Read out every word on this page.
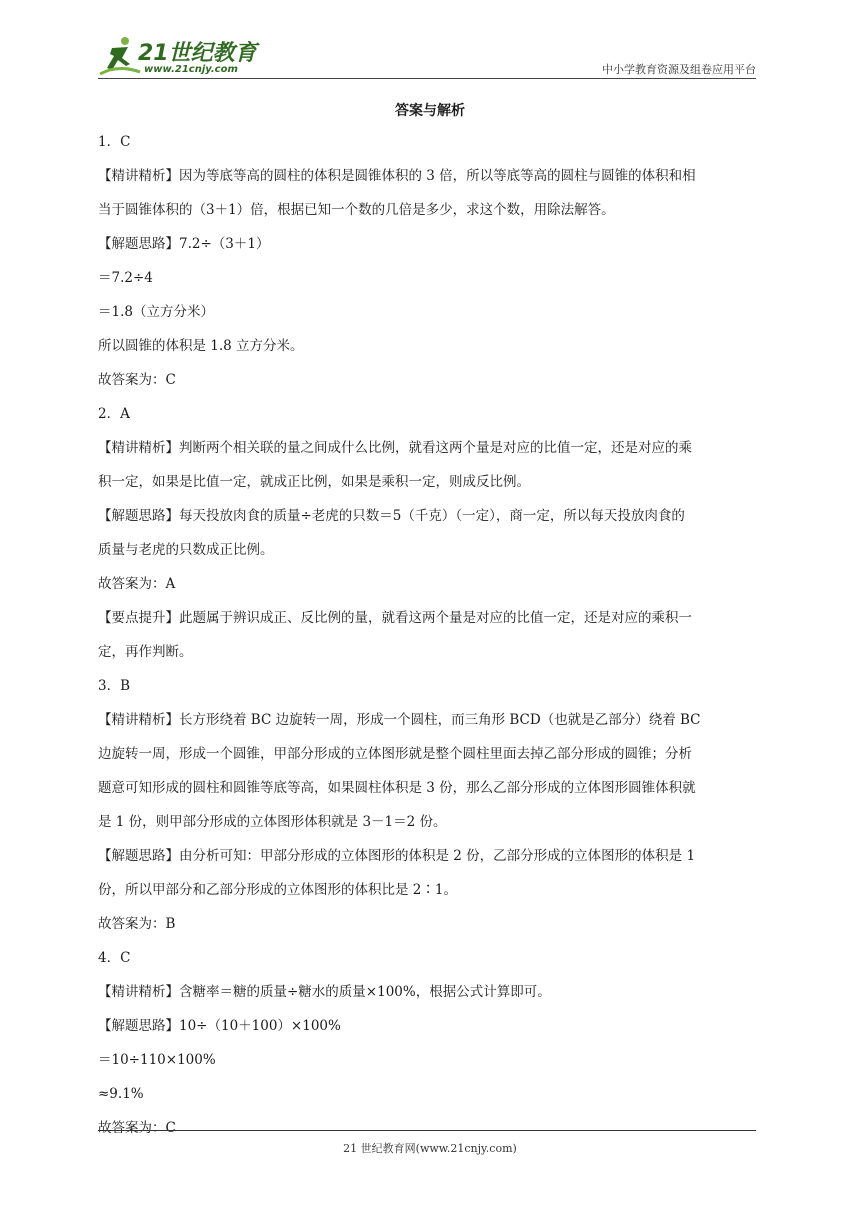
21世纪教育
www.21cnjy.com	中小学教育资源及组卷应用平台
答案与解析
1．C
【精讲精析】因为等底等高的圆柱的体积是圆锥体积的 3 倍，所以等底等高的圆柱与圆锥的体积和相
当于圆锥体积的（3＋1）倍，根据已知一个数的几倍是多少，求这个数，用除法解答。
【解题思路】7.2÷（3＋1）
＝7.2÷4
＝1.8（立方分米）
所以圆锥的体积是 1.8 立方分米。
故答案为：C
2．A
【精讲精析】判断两个相关联的量之间成什么比例，就看这两个量是对应的比值一定，还是对应的乘
积一定，如果是比值一定，就成正比例，如果是乘积一定，则成反比例。
【解题思路】每天投放肉食的质量÷老虎的只数＝5（千克）（一定），商一定，所以每天投放肉食的
质量与老虎的只数成正比例。
故答案为：A
【要点提升】此题属于辨识成正、反比例的量，就看这两个量是对应的比值一定，还是对应的乘积一
定，再作判断。
3．B
【精讲精析】长方形绕着 BC 边旋转一周，形成一个圆柱，而三角形 BCD（也就是乙部分）绕着 BC
边旋转一周，形成一个圆锥，甲部分形成的立体图形就是整个圆柱里面去掉乙部分形成的圆锥；分析
题意可知形成的圆柱和圆锥等底等高，如果圆柱体积是 3 份，那么乙部分形成的立体图形圆锥体积就
是 1 份，则甲部分形成的立体图形体积就是 3－1＝2 份。
【解题思路】由分析可知：甲部分形成的立体图形的体积是 2 份，乙部分形成的立体图形的体积是 1
份，所以甲部分和乙部分形成的立体图形的体积比是 2∶1。
故答案为：B
4．C
【精讲精析】含糖率＝糖的质量÷糖水的质量×100%，根据公式计算即可。
【解题思路】10÷（10＋100）×100%
＝10÷110×100%
≈9.1%
故答案为：C
21 世纪教育网(www.21cnjy.com)
